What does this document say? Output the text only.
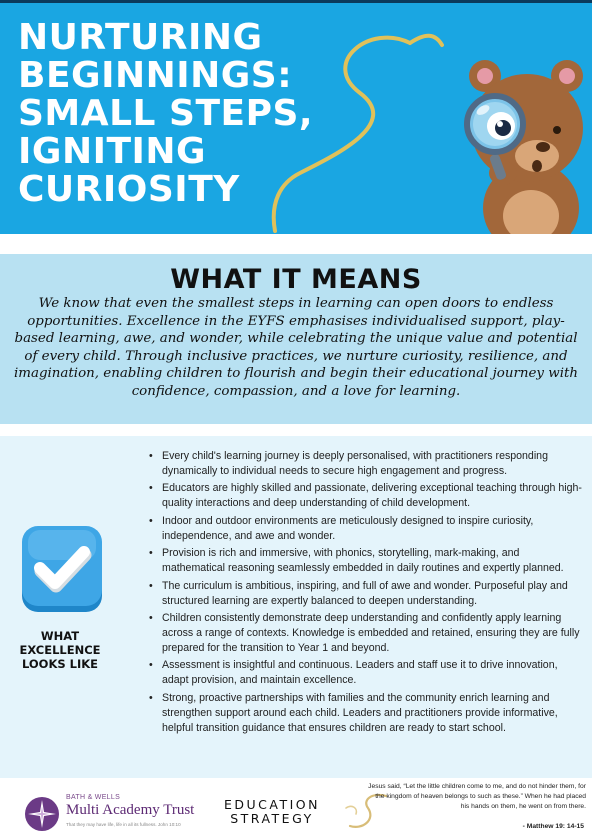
NURTURING BEGINNINGS: SMALL STEPS, IGNITING CURIOSITY
WHAT IT MEANS

We know that even the smallest steps in learning can open doors to endless opportunities. Excellence in the EYFS emphasises individualised support, play-based learning, awe, and wonder, while celebrating the unique value and potential of every child. Through inclusive practices, we nurture curiosity, resilience, and imagination, enabling children to flourish and begin their educational journey with confidence, compassion, and a love for learning.

WHAT EXCELLENCE LOOKS LIKE

• Every child's learning journey is deeply personalised, with practitioners responding dynamically to individual needs to secure high engagement and progress.
• Educators are highly skilled and passionate, delivering exceptional teaching through high-quality interactions and deep understanding of child development.
• Indoor and outdoor environments are meticulously designed to inspire curiosity, independence, and awe and wonder.
• Provision is rich and immersive, with phonics, storytelling, mark-making, and mathematical reasoning seamlessly embedded in daily routines and expertly planned.
• The curriculum is ambitious, inspiring, and full of awe and wonder. Purposeful play and structured learning are expertly balanced to deepen understanding.
• Children consistently demonstrate deep understanding and confidently apply learning across a range of contexts. Knowledge is embedded and retained, ensuring they are fully prepared for the transition to Year 1 and beyond.
• Assessment is insightful and continuous. Leaders and staff use it to drive innovation, adapt provision, and maintain excellence.
• Strong, proactive partnerships with families and the community enrich learning and strengthen support around each child. Leaders and practitioners provide informative, helpful transition guidance that ensures children are ready to start school.

BATH & WELLS

Multi Academy Trust

That they may have life, life in all its fullness. John 10:10

EDUCATION
STRATEGY

Jesus said, “Let the little children come to me, and do not hinder them, for the kingdom of heaven belongs to such as these.” When he had placed his hands on them, he went on from there.

- Matthew 19: 14-15
